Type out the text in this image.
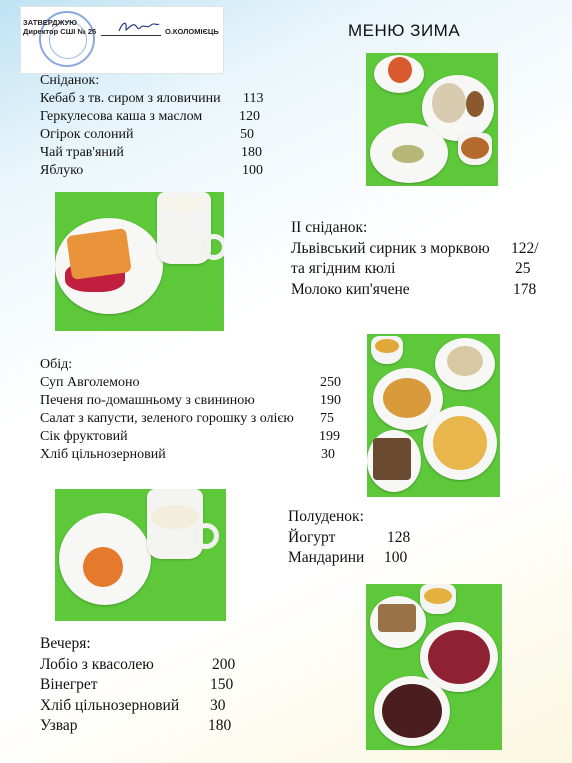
ЗАТВЕРДЖУЮ
Директор СШІ № 25	О.КОЛОМІЄЦЬ	МЕНЮ ЗИМА
Сніданок:
Кебаб з тв. сиром з яловичини 113
Геркулесова каша з маслом	120
Огірок солоний	50
Чай трав'яний	180
Яблуко	100
ІІ сніданок:
Львівський сирник з морквою 122/
та ягідним кюлі	25
Молоко кип'ячене	178
Обід:
Суп Авголемоно	250
Печеня по-домашньому з свининою	190
Салат з капусти, зеленого горошку з олією 75
Сік фруктовий	199
Хліб цільнозерновий	30
Полуденок:
Йогурт	128
Мандарини 100
Вечеря:
Лобіо з квасолею	200
Вінегрет	150
Хліб цільнозерновий 30
Узвар	180
